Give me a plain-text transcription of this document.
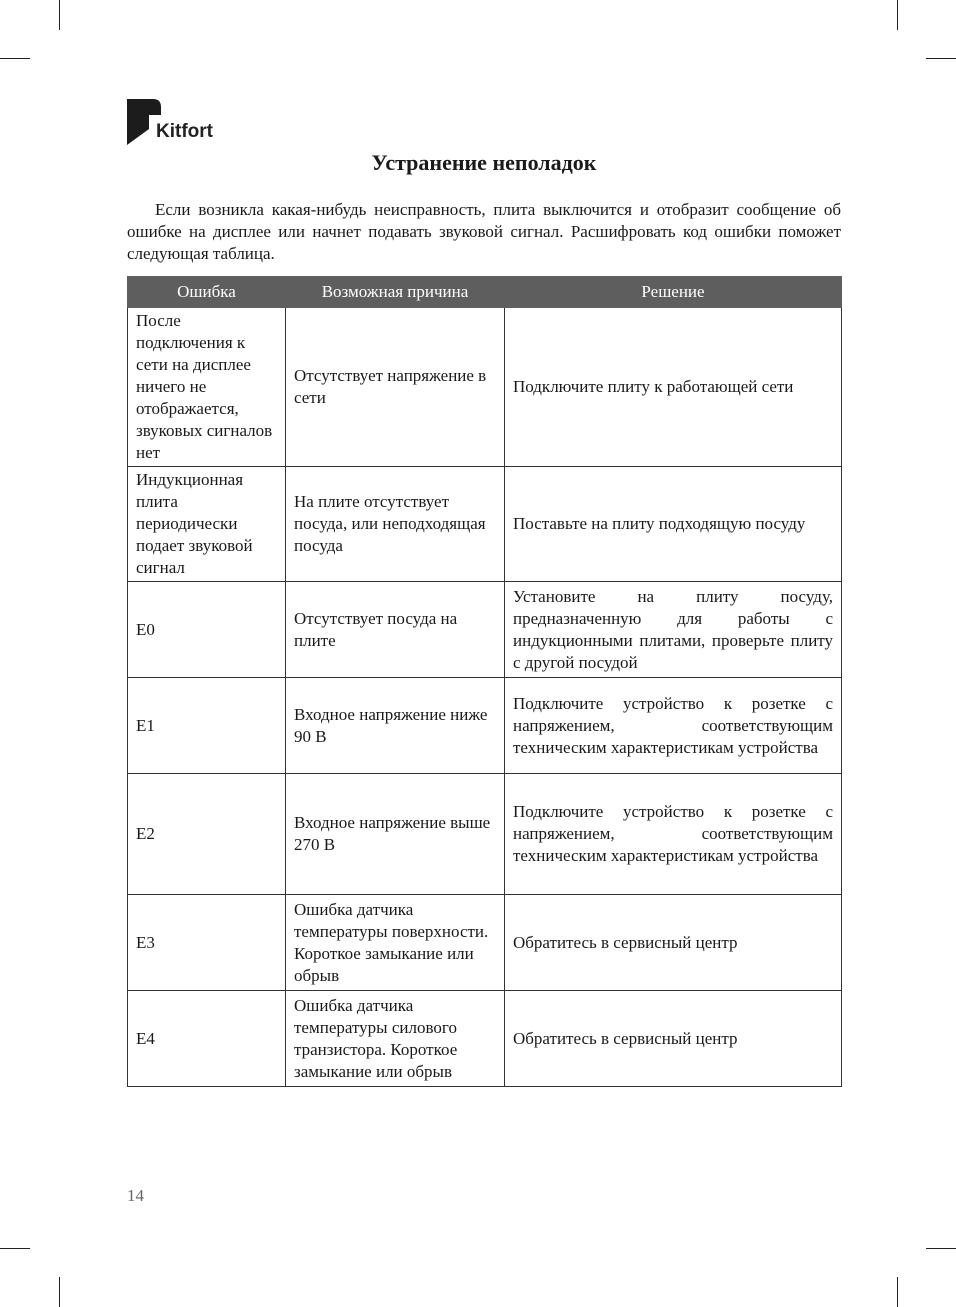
Kitfort
Устранение неполадок
Если возникла какая-нибудь неисправность, плита выключится и отобразит сообщение об ошибке на дисплее или начнет подавать звуковой сигнал. Расшифровать код ошибки поможет следующая таблица.
Ошибка	Возможная причина	Решение
После подключения к сети на дисплее ничего не отображается, звуковых сигналов нет	Отсутствует напряжение в сети	Подключите плиту к работающей сети
Индукционная плита периодически подает звуковой сигнал	На плите отсутствует посуда, или неподходящая посуда	Поставьте на плиту подходящую посуду
E0	Отсутствует посуда на плите	Установите на плиту посуду, предназначенную для работы с индукционными плитами, проверьте плиту с другой посудой
E1	Входное напряжение ниже 90 В	Подключите устройство к розетке с напряжением, соответствующим техническим характеристикам устройства
E2	Входное напряжение выше 270 В	Подключите устройство к розетке с напряжением, соответствующим техническим характеристикам устройства
E3	Ошибка датчика температуры поверхности. Короткое замыкание или обрыв	Обратитесь в сервисный центр
E4	Ошибка датчика температуры силового транзистора. Короткое замыкание или обрыв	Обратитесь в сервисный центр
14
